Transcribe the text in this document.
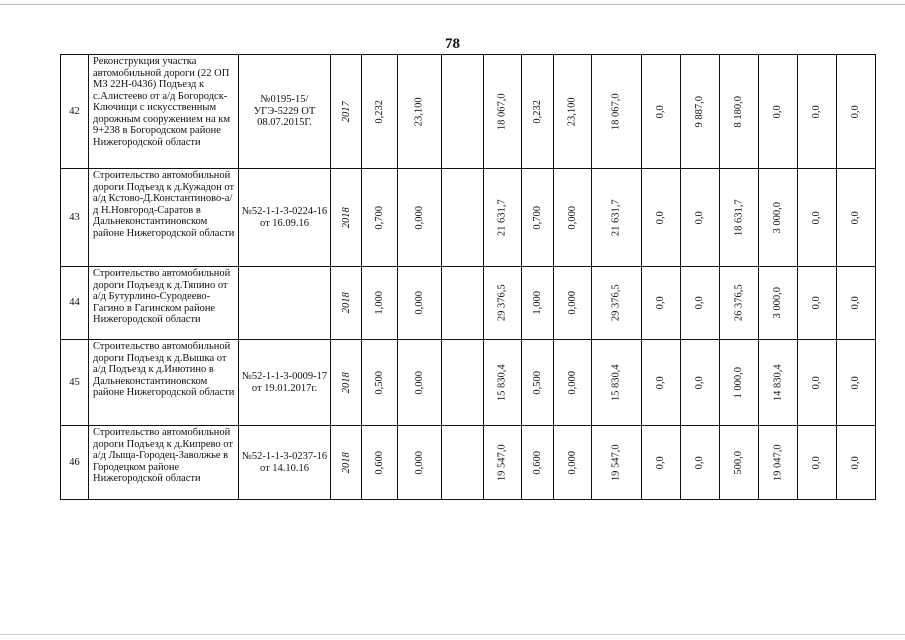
78
42	Реконструкция участка автомобильной дороги (22 ОП МЗ 22Н-0436) Подъезд к с.Алистеево от а/д Богородск-Ключищи с искусственным дорожным сооружением на км 9+238 в Богородском районе Нижегородской области	№0195-15/УГЭ-5229 ОТ 08.07.2015Г.	2017	0,232	23,100		18 067,0	0,232	23,100	18 067,0	0,0	9 887,0	8 180,0	0,0	0,0	0,0
43	Строительство автомобильной дороги Подъезд к д.Кужадон от а/д Кстово-Д.Константиново-а/д Н.Новгород-Саратов в Дальнеконстантиновском районе Нижегородской области	№52-1-1-3-0224-16 от 16.09.16	2018	0,700	0,000		21 631,7	0,700	0,000	21 631,7	0,0	0,0	18 631,7	3 000,0	0,0	0,0
44	Строительство автомобильной дороги Подъезд к д.Тяпино от а/д Бутурлино-Суродеево-Гагино в Гагинском районе Нижегородской области		2018	1,000	0,000		29 376,5	1,000	0,000	29 376,5	0,0	0,0	26 376,5	3 000,0	0,0	0,0
45	Строительство автомобильной дороги Подъезд к д.Вышка от а/д Подъезд к д.Инютино в Дальнеконстантиновском районе Нижегородской области	№52-1-1-3-0009-17 от 19.01.2017г.	2018	0,500	0,000		15 830,4	0,500	0,000	15 830,4	0,0	0,0	1 000,0	14 830,4	0,0	0,0
46	Строительство автомобильной дороги Подъезд к д.Кипрево от а/д Лыща-Городец-Заволжье в Городецком районе Нижегородской области	№52-1-1-3-0237-16 от 14.10.16	2018	0,600	0,000		19 547,0	0,600	0,000	19 547,0	0,0	0,0	500,0	19 047,0	0,0	0,0
